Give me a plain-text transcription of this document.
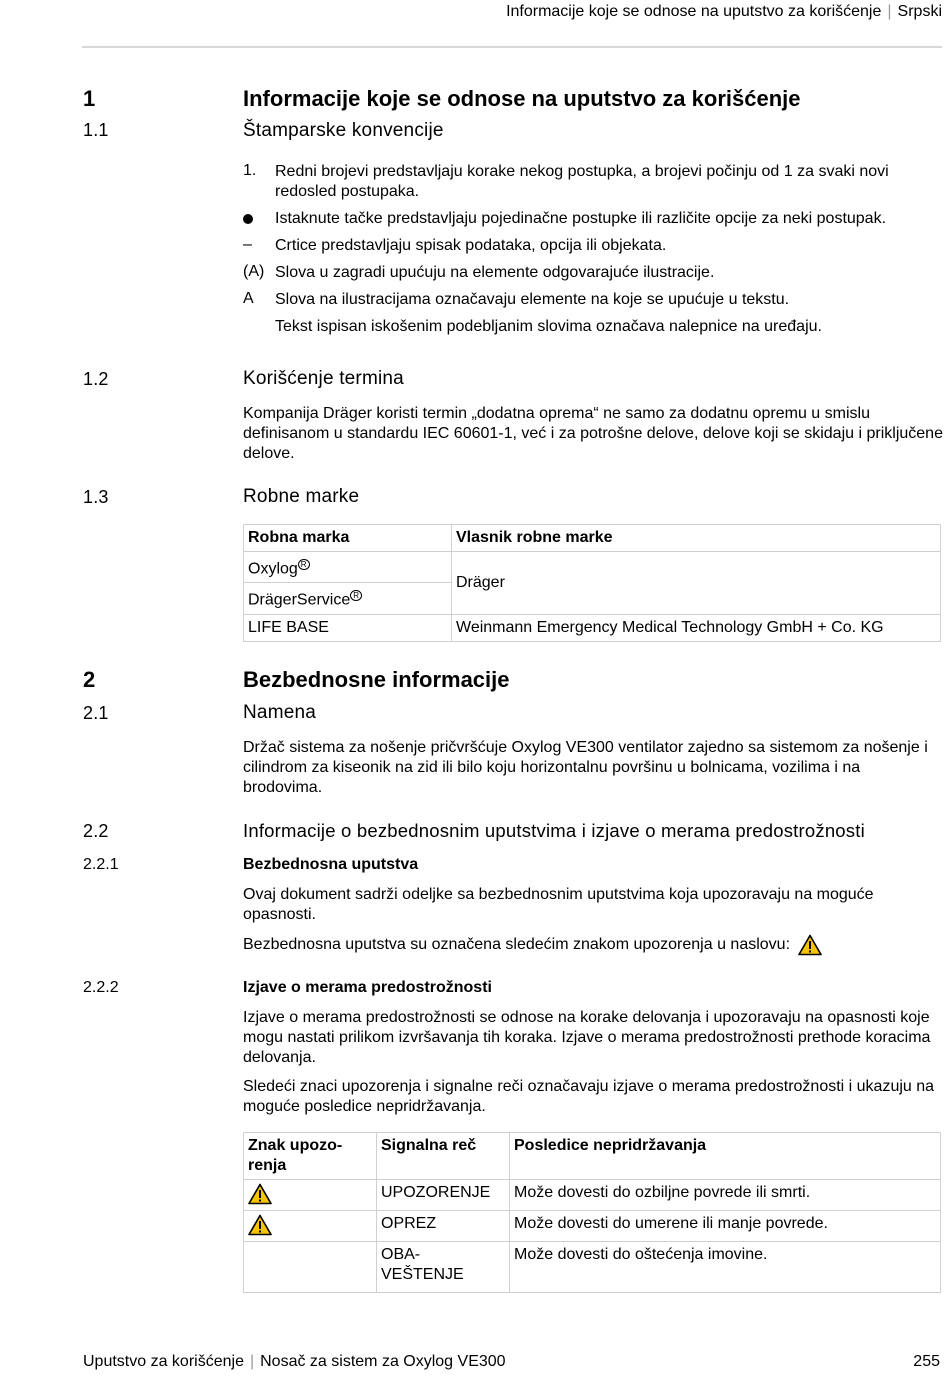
Informacije koje se odnose na uputstvo za korišćenje | Srpski
1	Informacije koje se odnose na uputstvo za korišćenje
1.1	Štamparske konvencije
1. Redni brojevi predstavljaju korake nekog postupka, a brojevi počinju od 1 za svaki novi redosled postupaka.
Istaknute tačke predstavljaju pojedinačne postupke ili različite opcije za neki postupak.
– Crtice predstavljaju spisak podataka, opcija ili objekata.
(A) Slova u zagradi upućuju na elemente odgovarajuće ilustracije.
A Slova na ilustracijama označavaju elemente na koje se upućuje u tekstu.
Tekst ispisan iskošenim podebljanim slovima označava nalepnice na uređaju.
1.2	Korišćenje termina
Kompanija Dräger koristi termin „dodatna oprema“ ne samo za dodatnu opremu u smislu definisanom u standardu IEC 60601-1, već i za potrošne delove, delove koji se skidaju i priključene delove.
1.3	Robne marke
Robna marka	Vlasnik robne marke
Oxylog $^R$	Dräger
DrägerService $^R$
LIFE BASE	Weinmann Emergency Medical Technology GmbH + Co. KG
2	Bezbednosne informacije
2.1	Namena
Držač sistema za nošenje pričvršćuje Oxylog VE300 ventilator zajedno sa sistemom za nošenje i cilindrom za kiseonik na zid ili bilo koju horizontalnu površinu u bolnicama, vozilima i na brodovima.
2.2	Informacije o bezbednosnim uputstvima i izjave o merama predostrožnosti
2.2.1	Bezbednosna uputstva
Ovaj dokument sadrži odeljke sa bezbednosnim uputstvima koja upozoravaju na moguće opasnosti.
Bezbednosna uputstva su označena sledećim znakom upozorenja u naslovu:
2.2.2	Izjave o merama predostrožnosti
Izjave o merama predostrožnosti se odnose na korake delovanja i upozoravaju na opasnosti koje mogu nastati prilikom izvršavanja tih koraka. Izjave o merama predostrožnosti prethode koracima delovanja.
Sledeći znaci upozorenja i signalne reči označavaju izjave o merama predostrožnosti i ukazuju na moguće posledice nepridržavanja.
Znak upozo-
renja	Signalna reč	Posledice nepridržavanja
	UPOZORENJE	Može dovesti do ozbiljne povrede ili smrti.
	OPREZ	Može dovesti do umerene ili manje povrede.
	OBA-
VEŠTENJE	Može dovesti do oštećenja imovine.
Uputstvo za korišćenje | Nosač za sistem za Oxylog VE300	255
